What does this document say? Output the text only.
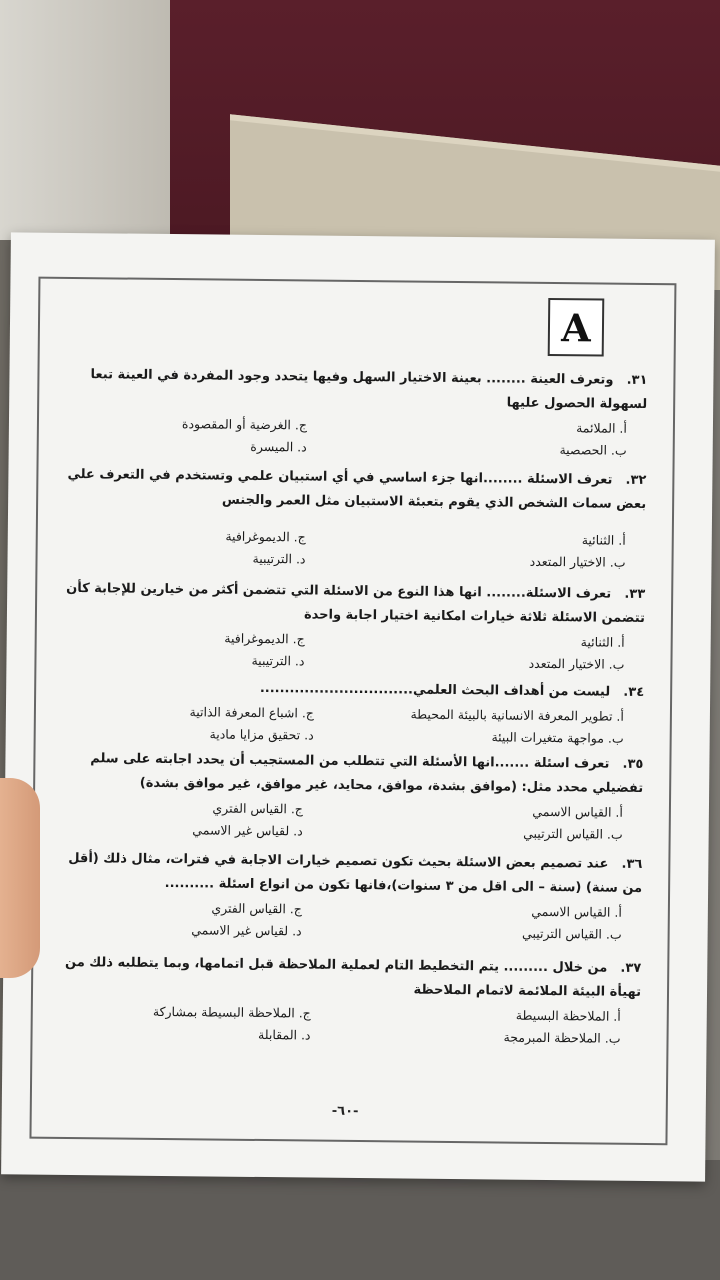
A
٣١.وتعرف العينة ........ بعينة الاختيار السهل وفيها يتحدد وجود المفردة في العينة تبعا لسهولة الحصول عليها
أ. الملائمة
ب. الحصصية
ج. الغرضية أو المقصودة
د. الميسرة
٣٢.تعرف الاسئلة ........انها جزء اساسي في أي استبيان علمي وتستخدم في التعرف علي بعض سمات الشخص الذي يقوم بتعبئة الاستبيان مثل العمر والجنس
أ. الثنائية
ب. الاختيار المتعدد
ج. الديموغرافية
د. الترتيبية
٣٣.تعرف الاسئلة........ انها هذا النوع من الاسئلة التي تتضمن أكثر من خيارين للإجابة كأن تتضمن الاسئلة ثلاثة خيارات امكانية اختيار اجابة واحدة
أ. الثنائية
ب. الاختيار المتعدد
ج. الديموغرافية
د. الترتيبية
٣٤.ليست من أهداف البحث العلمي...............................
أ. تطوير المعرفة الانسانية بالبيئة المحيطة
ب. مواجهة متغيرات البيئة
ج. اشباع المعرفة الذاتية
د. تحقيق مزايا مادية
٣٥.تعرف اسئلة .......انها الأسئلة التي تتطلب من المستجيب أن يحدد اجابته على سلم تفضيلي محدد مثل: (موافق بشدة، موافق، محايد، غير موافق، غير موافق بشدة)
أ. القياس الاسمي
ب. القياس الترتيبي
ج. القياس الفتري
د. لقياس غير الاسمي
٣٦.عند تصميم بعض الاسئلة بحيث تكون تصميم خيارات الاجابة في فترات، مثال ذلك (أقل من سنة) (سنة – الى اقل من ٣ سنوات)،فانها تكون من انواع اسئلة ..........
أ. القياس الاسمي
ب. القياس الترتيبي
ج. القياس الفتري
د. لقياس غير الاسمي
٣٧.من خلال ......... يتم التخطيط التام لعملية الملاحظة قبل اتمامها، وبما يتطلبه ذلك من تهيأة البيئة الملائمة لاتمام الملاحظة
أ. الملاحظة البسيطة
ب. الملاحظة المبرمجة
ج. الملاحظة البسيطة بمشاركة
د. المقابلة
-٦٠-
